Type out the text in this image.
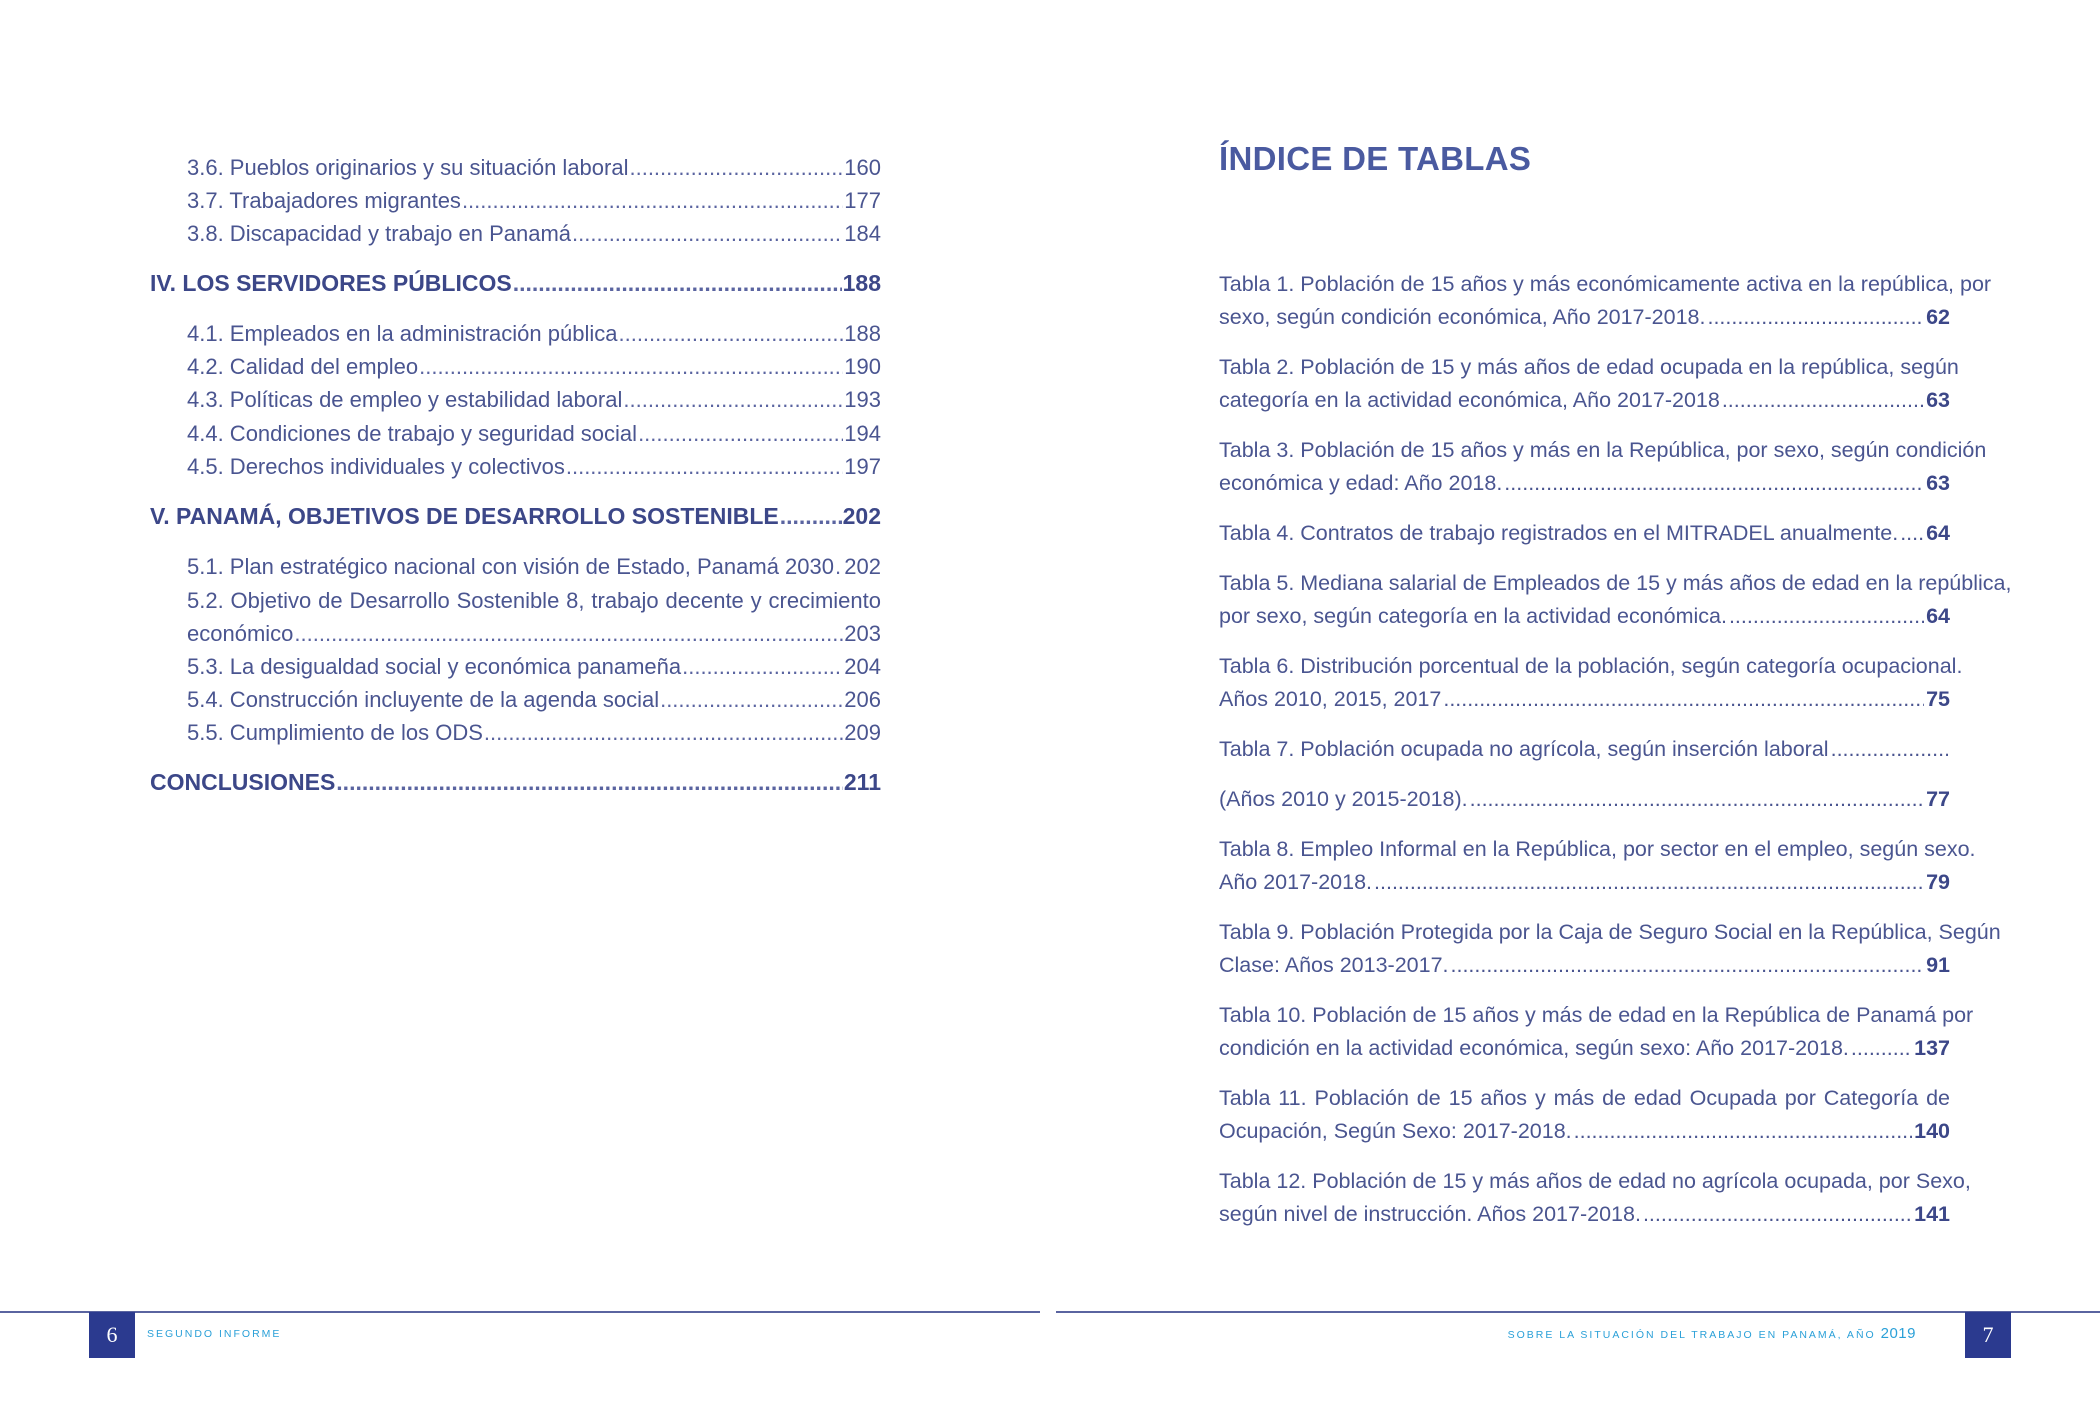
3.6. Pueblos originarios y su situación laboral .....	160
3.7. Trabajadores migrantes .....	177
3.8. Discapacidad y trabajo en Panamá .....	184
IV. LOS SERVIDORES PÚBLICOS .....	188
4.1. Empleados en la administración pública .....	188
4.2. Calidad del empleo .....	190
4.3. Políticas de empleo y estabilidad laboral .....	193
4.4. Condiciones de trabajo y seguridad social .....	194
4.5. Derechos individuales y colectivos .....	197
V. PANAMÁ, OBJETIVOS DE DESARROLLO SOSTENIBLE .....	202
5.1. Plan estratégico nacional con visión de Estado, Panamá 2030 ..... 202
5.2. Objetivo de Desarrollo Sostenible 8, trabajo decente y crecimiento
económico .....	203
5.3. La desigualdad social y económica panameña .....	204
5.4. Construcción incluyente de la agenda social .....	206
5.5. Cumplimiento de los ODS .....	209
CONCLUSIONES .....	211
ÍNDICE DE TABLAS
Tabla 1. Población de 15 años y más económicamente activa en la república, por
sexo, según condición económica, Año 2017-2018. .....	62
Tabla 2. Población de 15 y más años de edad ocupada en la república, según
categoría en la actividad económica, Año 2017-2018 .....	63
Tabla 3. Población de 15 años y más en la República, por sexo, según condición
económica y edad: Año 2018. .....	63
Tabla 4. Contratos de trabajo registrados en el MITRADEL anualmente. ..... 64
Tabla 5. Mediana salarial de Empleados de 15 y más años de edad en la república,
por sexo, según categoría en la actividad económica. .....	64
Tabla 6. Distribución porcentual de la población, según categoría ocupacional.
Años 2010, 2015, 2017 .....	75
Tabla 7. Población ocupada no agrícola, según inserción laboral
.....
(Años 2010 y 2015-2018). .....	77
Tabla 8. Empleo Informal en la República, por sector en el empleo, según sexo.
Año 2017-2018. .....	79
Tabla 9. Población Protegida por la Caja de Seguro Social en la República, Según
Clase: Años 2013-2017. .....	91
Tabla 10. Población de 15 años y más de edad en la República de Panamá por
condición en la actividad económica, según sexo: Año 2017-2018. .....	137
Tabla 11. Población de 15 años y más de edad Ocupada por Categoría de
Ocupación, Según Sexo: 2017-2018. .....	140
Tabla 12. Población de 15 y más años de edad no agrícola ocupada, por Sexo,
según nivel de instrucción. Años 2017-2018. .....	141
6	SEGUNDO INFORME	SOBRE LA SITUACIÓN DEL TRABAJO EN PANAMÁ, AÑO 2019	7
